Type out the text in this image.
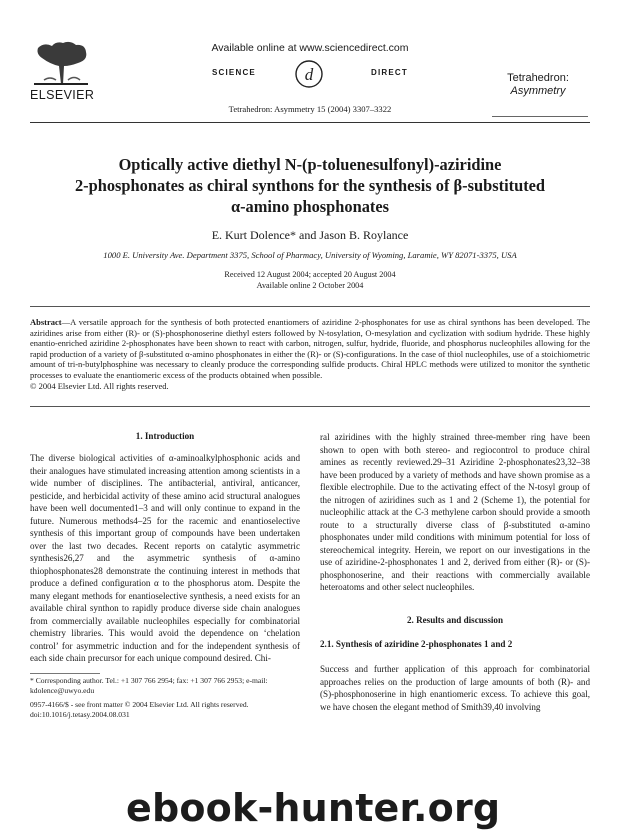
ELSEVIER
Available online at www.sciencedirect.com
SCIENCE	d	DIRECT
Tetrahedron: Asymmetry 15 (2004) 3307–3322
Tetrahedron:
Asymmetry
Optically active diethyl N-(p-toluenesulfonyl)-aziridine
2-phosphonates as chiral synthons for the synthesis of β-substituted
α-amino phosphonates
E. Kurt Dolence* and Jason B. Roylance
1000 E. University Ave. Department 3375, School of Pharmacy, University of Wyoming, Laramie, WY 82071-3375, USA
Received 12 August 2004; accepted 20 August 2004
Available online 2 October 2004
Abstract—A versatile approach for the synthesis of both protected enantiomers of aziridine 2-phosphonates for use as chiral synthons has been developed. The aziridines arise from either (R)- or (S)-phosphonoserine diethyl esters followed by N-tosylation, O-mesylation and cyclization with sodium hydride. These highly enantio-enriched aziridine 2-phosphonates have been shown to react with carbon, nitrogen, sulfur, hydride, fluoride, and phosphorus nucleophiles allowing for the rapid production of a variety of β-substituted α-amino phosphonates in either the (R)- or (S)-configurations. In the case of thiol nucleophiles, use of a stoichiometric amount of tri-n-butylphosphine was necessary to cleanly produce the corresponding sulfide products. Chiral HPLC methods were utilized to monitor the synthetic processes to evaluate the enantiomeric excess of the products obtained when possible.
© 2004 Elsevier Ltd. All rights reserved.
1. Introduction
The diverse biological activities of α-aminoalkylphosphonic acids and their analogues have stimulated increasing attention among scientists in a wide number of disciplines. The antibacterial, antiviral, anticancer, pesticide, and herbicidal activity of these amino acid structural analogues have been well documented1–3 and will only continue to expand in the future. Numerous methods4–25 for the racemic and enantioselective synthesis of this important group of compounds have been undertaken over the last two decades. Recent reports on catalytic asymmetric synthesis26,27 and the asymmetric synthesis of α-amino thiophosphonates28 demonstrate the continuing interest in methods that produce a defined configuration α to the phosphorus atom. Despite the many elegant methods for enantioselective synthesis, a need exists for an available chiral synthon to rapidly produce diverse side chain analogues from commercially available nucleophiles especially for combinatorial chemistry libraries. This would avoid the dependence on ‘chelation control’ for asymmetric induction and for the independent synthesis of each side chain precursor for each unique compound desired. Chi-
* Corresponding author. Tel.: +1 307 766 2954; fax: +1 307 766 2953; e-mail: kdolence@uwyo.edu
0957-4166/$ - see front matter © 2004 Elsevier Ltd. All rights reserved.
doi:10.1016/j.tetasy.2004.08.031
ral aziridines with the highly strained three-member ring have been shown to open with both stereo- and regiocontrol to produce chiral amines as recently reviewed.29–31 Aziridine 2-phosphonates23,32–38 have been produced by a variety of methods and have shown promise as a flexible electrophile. Due to the activating effect of the N-tosyl group of the nitrogen of aziridines such as 1 and 2 (Scheme 1), the potential for nucleophilic attack at the C-3 methylene carbon should provide a smooth route to a structurally diverse class of β-substituted α-amino phosphonates under mild conditions with minimum potential for loss of stereochemical integrity. Herein, we report on our investigations in the use of aziridine-2-phosphonates 1 and 2, derived from either (R)- or (S)-phosphonoserine, and their reactions with commercially available heteroatoms and other select nucleophiles.
2. Results and discussion
2.1. Synthesis of aziridine 2-phosphonates 1 and 2
Success and further application of this approach for combinatorial approaches relies on the production of large amounts of both (R)- and (S)-phosphonoserine in high enantiomeric excess. To achieve this goal, we have chosen the elegant method of Smith39,40 involving
ebook-hunter.org
